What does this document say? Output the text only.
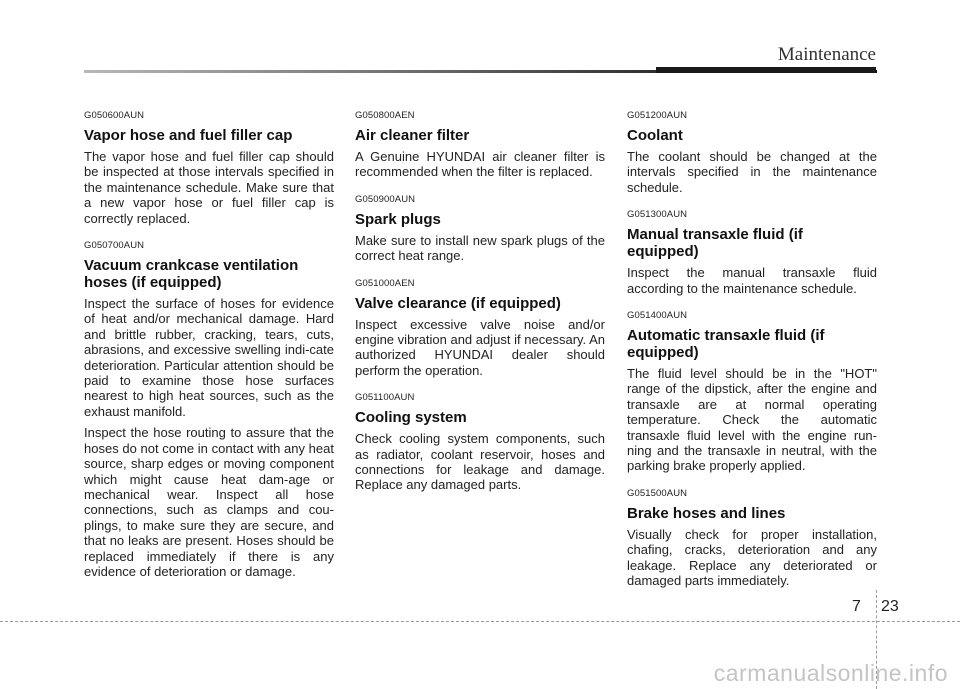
Maintenance
G050600AUN
Vapor hose and fuel filler cap

The vapor hose and fuel filler cap should be inspected at those intervals specified in the maintenance schedule. Make sure that a new vapor hose or fuel filler cap is correctly replaced.

G050700AUN
Vacuum crankcase ventilation hoses (if equipped)

Inspect the surface of hoses for evidence of heat and/or mechanical damage. Hard and brittle rubber, cracking, tears, cuts, abrasions, and excessive swelling indi-cate deterioration. Particular attention should be paid to examine those hose surfaces nearest to high heat sources, such as the exhaust manifold.

Inspect the hose routing to assure that the hoses do not come in contact with any heat source, sharp edges or moving component which might cause heat dam-age or mechanical wear. Inspect all hose connections, such as clamps and cou-plings, to make sure they are secure, and that no leaks are present. Hoses should be replaced immediately if there is any evidence of deterioration or damage.

G050800AEN
Air cleaner filter

A Genuine HYUNDAI air cleaner filter is recommended when the filter is replaced.

G050900AUN
Spark plugs

Make sure to install new spark plugs of the correct heat range.

G051000AEN
Valve clearance (if equipped)

Inspect excessive valve noise and/or engine vibration and adjust if necessary. An authorized HYUNDAI dealer should perform the operation.

G051100AUN
Cooling system

Check cooling system components, such as radiator, coolant reservoir, hoses and connections for leakage and damage. Replace any damaged parts.

G051200AUN
Coolant

The coolant should be changed at the intervals specified in the maintenance schedule.

G051300AUN
Manual transaxle fluid (if equipped)

Inspect the manual transaxle fluid according to the maintenance schedule.

G051400AUN
Automatic transaxle fluid (if equipped)

The fluid level should be in the "HOT" range of the dipstick, after the engine and transaxle are at normal operating temperature. Check the automatic transaxle fluid level with the engine run-ning and the transaxle in neutral, with the parking brake properly applied.

G051500AUN
Brake hoses and lines

Visually check for proper installation, chafing, cracks, deterioration and any leakage. Replace any deteriorated or damaged parts immediately.

7 23
carmanualsonline.info
